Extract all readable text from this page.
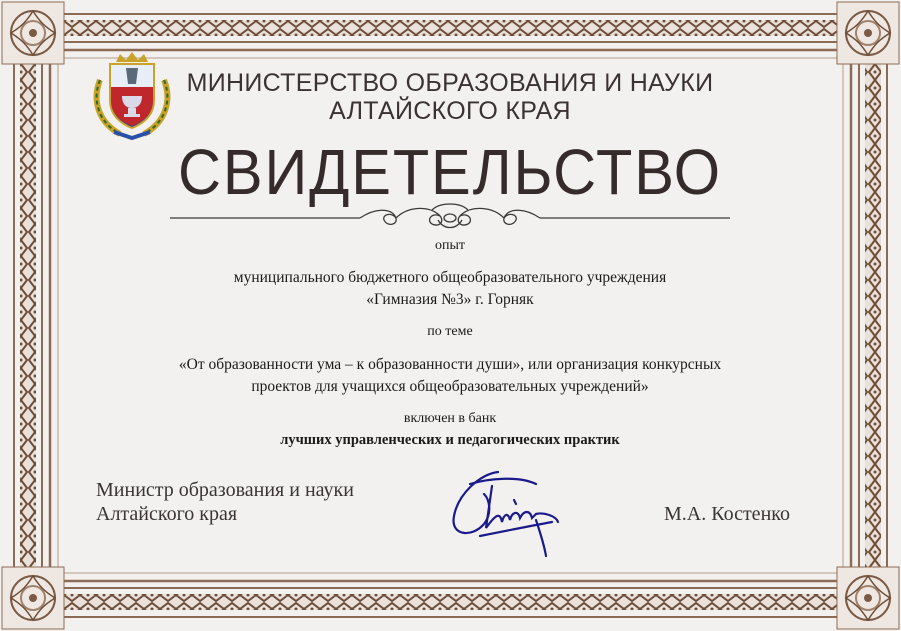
МИНИСТЕРСТВО ОБРАЗОВАНИЯ И НАУКИ
АЛТАЙСКОГО КРАЯ
СВИДЕТЕЛЬСТВО
опыт
муниципального бюджетного общеобразовательного учреждения
«Гимназия №3» г. Горняк
по теме
«От образованности ума – к образованности души», или организация конкурсных
проектов для учащихся общеобразовательных учреждений»
включен в банк
лучших управленческих и педагогических практик
Министр образования и науки
Алтайского края	М.А. Костенко
